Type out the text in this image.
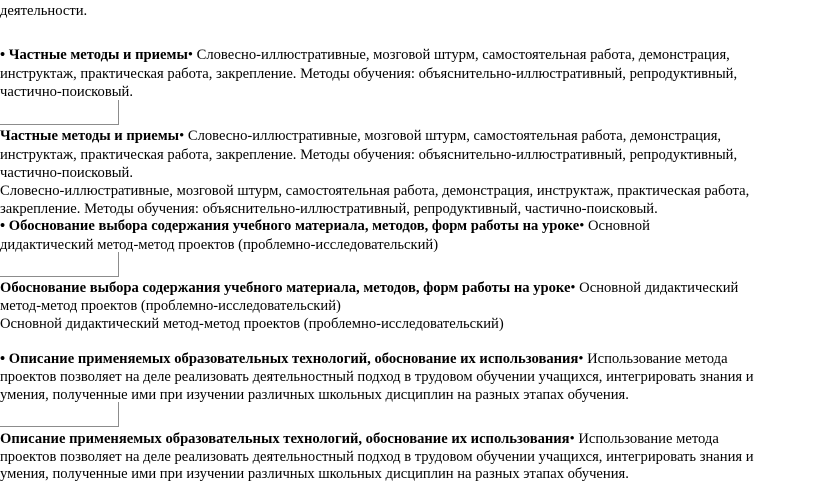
деятельности.
• Частные методы и приемы• Словесно-иллюстративные, мозговой штурм, самостоятельная работа, демонстрация,
инструктаж, практическая работа, закрепление. Методы обучения: объяснительно-иллюстративный, репродуктивный,
частично-поисковый.
Частные методы и приемы• Словесно-иллюстративные, мозговой штурм, самостоятельная работа, демонстрация,
инструктаж, практическая работа, закрепление. Методы обучения: объяснительно-иллюстративный, репродуктивный,
частично-поисковый.
Словесно-иллюстративные, мозговой штурм, самостоятельная работа, демонстрация, инструктаж, практическая работа,
закрепление. Методы обучения: объяснительно-иллюстративный, репродуктивный, частично-поисковый.
• Обоснование выбора содержания учебного материала, методов, форм работы на уроке• Основной
дидактический метод-метод проектов (проблемно-исследовательский)
Обоснование выбора содержания учебного материала, методов, форм работы на уроке• Основной дидактический
метод-метод проектов (проблемно-исследовательский)
Основной дидактический метод-метод проектов (проблемно-исследовательский)
• Описание применяемых образовательных технологий, обоснование их использования• Использование метода
проектов позволяет на деле реализовать деятельностный подход в трудовом обучении учащихся, интегрировать знания и
умения, полученные ими при изучении различных школьных дисциплин на разных этапах обучения.
Описание применяемых образовательных технологий, обоснование их использования• Использование метода
проектов позволяет на деле реализовать деятельностный подход в трудовом обучении учащихся, интегрировать знания и
умения, полученные ими при изучении различных школьных дисциплин на разных этапах обучения.
